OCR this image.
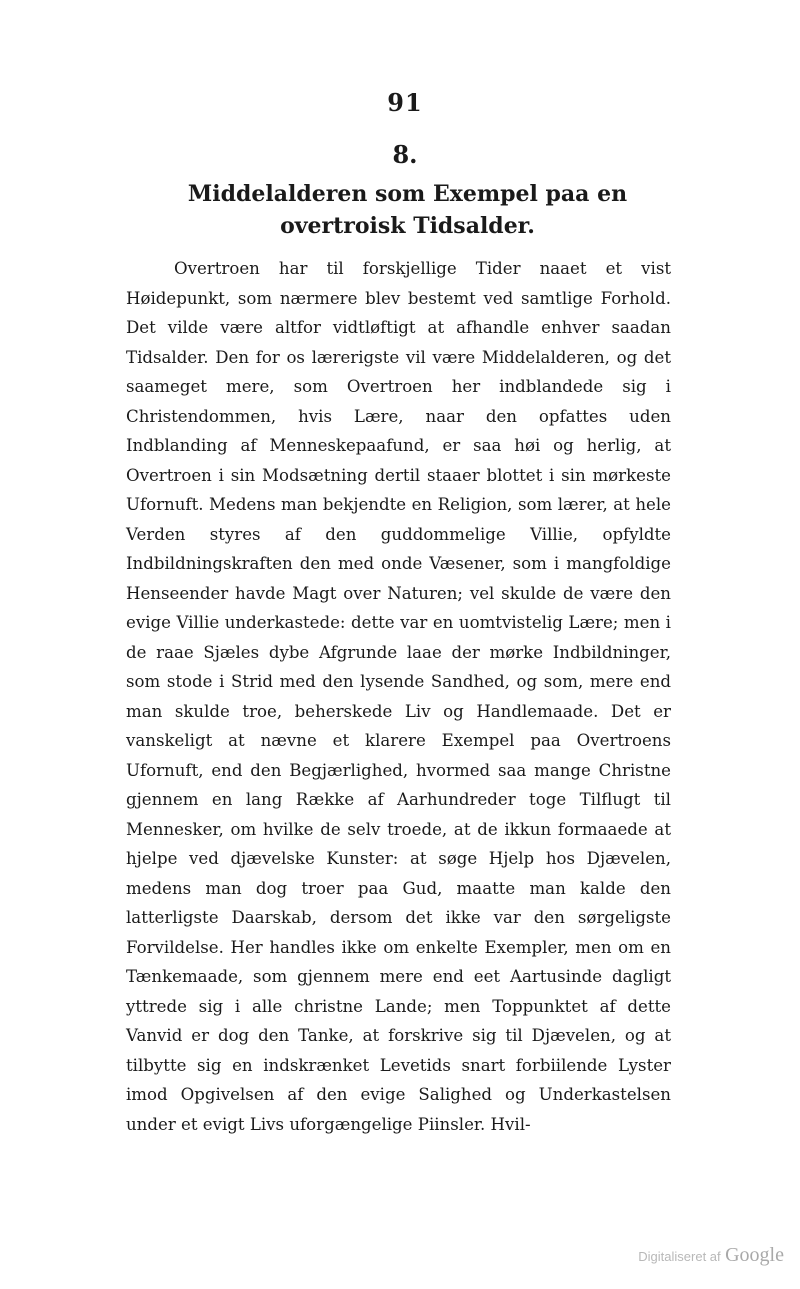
91
8.
Middelalderen som Exempel paa en overtroisk Tidsalder.

Overtroen har til forskjellige Tider naaet et vist Høidepunkt, som nærmere blev bestemt ved samtlige Forhold. Det vilde være altfor vidtløftigt at afhandle enhver saadan Tidsalder. Den for os lærerigste vil være Middelalderen, og det saameget mere, som Overtroen her indblandede sig i Christendommen, hvis Lære, naar den opfattes uden Indblanding af Menneskepaafund, er saa høi og herlig, at Overtroen i sin Modsætning dertil staaer blottet i sin mørkeste Ufornuft. Medens man bekjendte en Religion, som lærer, at hele Verden styres af den guddommelige Villie, opfyldte Indbildningskraften den med onde Væsener, som i mangfoldige Henseender havde Magt over Naturen; vel skulde de være den evige Villie underkastede: dette var en uomtvistelig Lære; men i de raae Sjæles dybe Afgrunde laae der mørke Indbildninger, som stode i Strid med den lysende Sandhed, og som, mere end man skulde troe, beherskede Liv og Handlemaade. Det er vanskeligt at nævne et klarere Exempel paa Overtroens Ufornuft, end den Begjærlighed, hvormed saa mange Christne gjennem en lang Række af Aarhundreder toge Tilflugt til Mennesker, om hvilke de selv troede, at de ikkun formaaede at hjelpe ved djævelske Kunster: at søge Hjelp hos Djævelen, medens man dog troer paa Gud, maatte man kalde den latterligste Daarskab, dersom det ikke var den sørgeligste Forvildelse. Her handles ikke om enkelte Exempler, men om en Tænkemaade, som gjennem mere end eet Aartusinde dagligt yttrede sig i alle christne Lande; men Toppunktet af dette Vanvid er dog den Tanke, at forskrive sig til Djævelen, og at tilbytte sig en indskrænket Levetids snart forbiilende Lyster imod Opgivelsen af den evige Salighed og Underkastelsen under et evigt Livs uforgængelige Piinsler. Hvil-

Digitaliseret af Google
